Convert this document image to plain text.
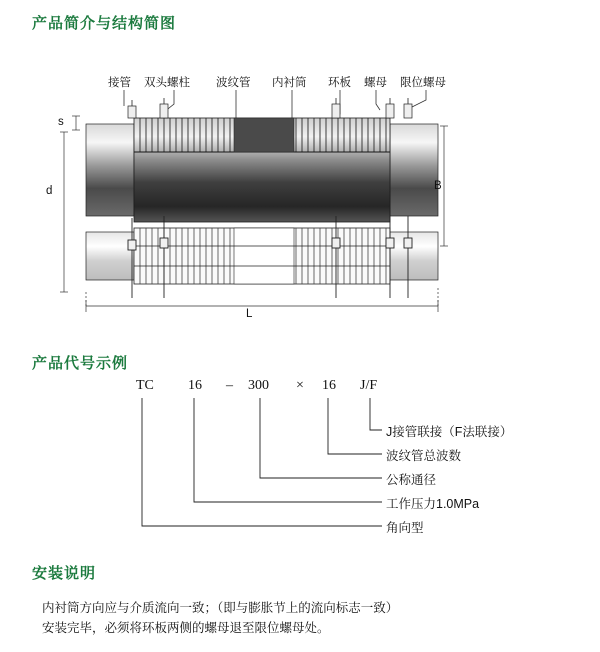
产品简介与结构简图
产品代号示例
安装说明
接管 双头螺柱 波纹管 内衬筒 环板 螺母 限位螺母
s
d	B
L
TC 16 – 300 × 16 J/F
J接管联接（F法联接）
波纹管总波数
公称通径
工作压力1.0MPa
角向型
内衬筒方向应与介质流向一致；（即与膨胀节上的流向标志一致）
安装完毕，必须将环板两侧的螺母退至限位螺母处。
